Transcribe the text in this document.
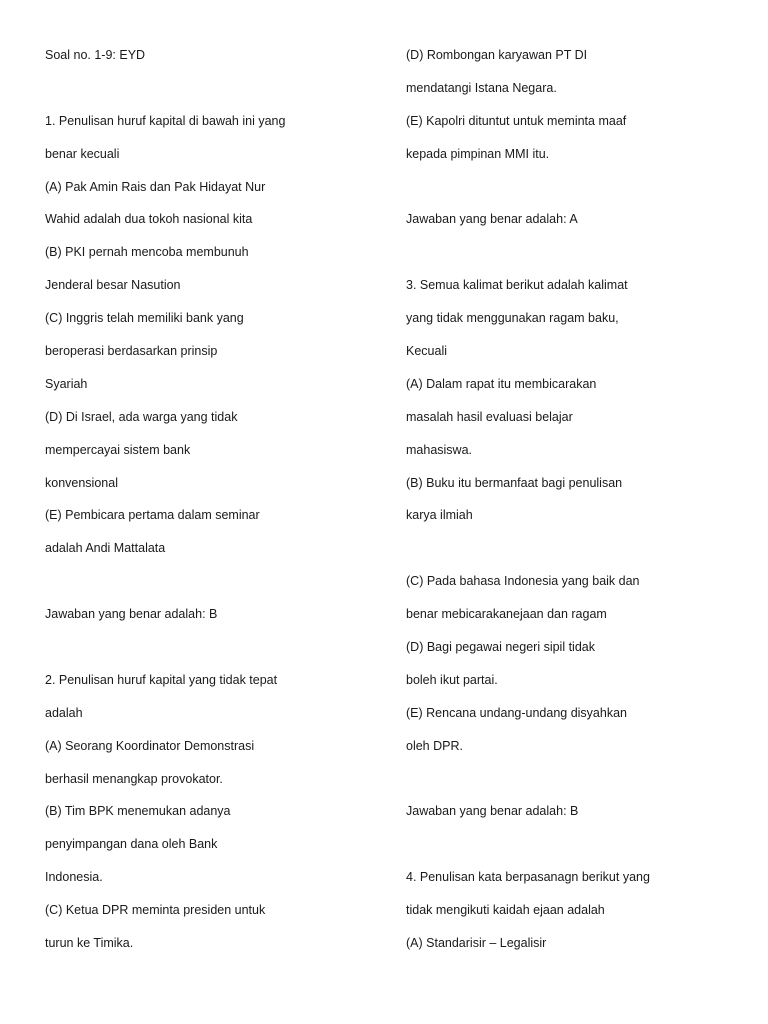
Soal no. 1-9: EYD

1. Penulisan huruf kapital di bawah ini yang

benar kecuali

(A) Pak Amin Rais dan Pak Hidayat Nur

Wahid adalah dua tokoh nasional kita

(B) PKI pernah mencoba membunuh

Jenderal besar Nasution

(C) Inggris telah memiliki bank yang

beroperasi berdasarkan prinsip

Syariah

(D) Di Israel, ada warga yang tidak

mempercayai sistem bank

konvensional

(E) Pembicara pertama dalam seminar

adalah Andi Mattalata

Jawaban yang benar adalah: B

2. Penulisan huruf kapital yang tidak tepat

adalah

(A) Seorang Koordinator Demonstrasi

berhasil menangkap provokator.

(B) Tim BPK menemukan adanya

penyimpangan dana oleh Bank

Indonesia.

(C) Ketua DPR meminta presiden untuk

turun ke Timika.

(D) Rombongan karyawan PT DI

mendatangi Istana Negara.

(E) Kapolri dituntut untuk meminta maaf

kepada pimpinan MMI itu.

Jawaban yang benar adalah: A

3. Semua kalimat berikut adalah kalimat

yang tidak menggunakan ragam baku,

Kecuali

(A) Dalam rapat itu membicarakan

masalah hasil evaluasi belajar

mahasiswa.

(B) Buku itu bermanfaat bagi penulisan

karya ilmiah

(C) Pada bahasa Indonesia yang baik dan

benar mebicarakanejaan dan ragam

(D) Bagi pegawai negeri sipil tidak

boleh ikut partai.

(E) Rencana undang-undang disyahkan

oleh DPR.

Jawaban yang benar adalah: B

4. Penulisan kata berpasanagn berikut yang

tidak mengikuti kaidah ejaan adalah

(A) Standarisir – Legalisir
